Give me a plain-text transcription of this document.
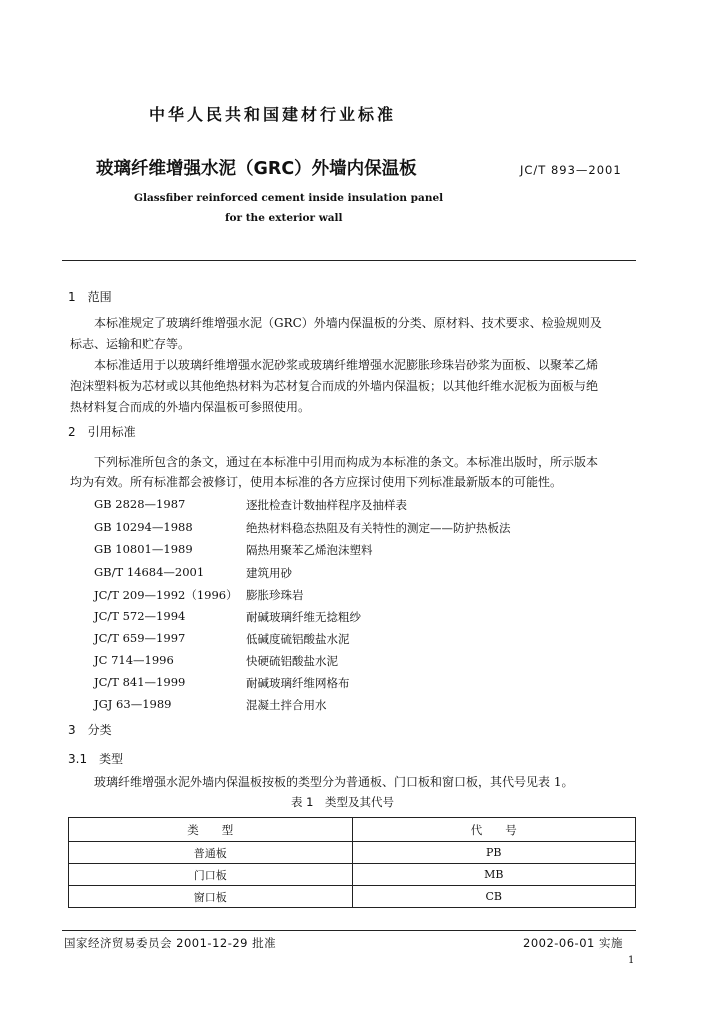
中华人民共和国建材行业标准
玻璃纤维增强水泥（GRC）外墙内保温板	JC/T 893—2001
Glassfiber reinforced cement inside insulation panel
for the exterior wall
1　范围
本标准规定了玻璃纤维增强水泥（GRC）外墙内保温板的分类、原材料、技术要求、检验规则及
标志、运输和贮存等。
本标准适用于以玻璃纤维增强水泥砂浆或玻璃纤维增强水泥膨胀珍珠岩砂浆为面板、以聚苯乙烯
泡沫塑料板为芯材或以其他绝热材料为芯材复合而成的外墙内保温板；以其他纤维水泥板为面板与绝
热材料复合而成的外墙内保温板可参照使用。
2　引用标准
下列标准所包含的条文，通过在本标准中引用而构成为本标准的条文。本标准出版时，所示版本
均为有效。所有标准都会被修订，使用本标准的各方应探讨使用下列标准最新版本的可能性。
GB 2828—1987	逐批检查计数抽样程序及抽样表
GB 10294—1988	绝热材料稳态热阻及有关特性的测定——防护热板法
GB 10801—1989	隔热用聚苯乙烯泡沫塑料
GB/T 14684—2001	建筑用砂
JC/T 209—1992（1996） 膨胀珍珠岩
JC/T 572—1994	耐碱玻璃纤维无捻粗纱
JC/T 659—1997	低碱度硫铝酸盐水泥
JC 714—1996	快硬硫铝酸盐水泥
JC/T 841—1999	耐碱玻璃纤维网格布
JGJ 63—1989	混凝土拌合用水
3　分类
3.1　类型
玻璃纤维增强水泥外墙内保温板按板的类型分为普通板、门口板和窗口板，其代号见表 1。
表 1　类型及其代号
类　　型	代　　号
普通板	PB
门口板	MB
窗口板	CB
国家经济贸易委员会 2001-12-29 批准	2002-06-01 实施
1
